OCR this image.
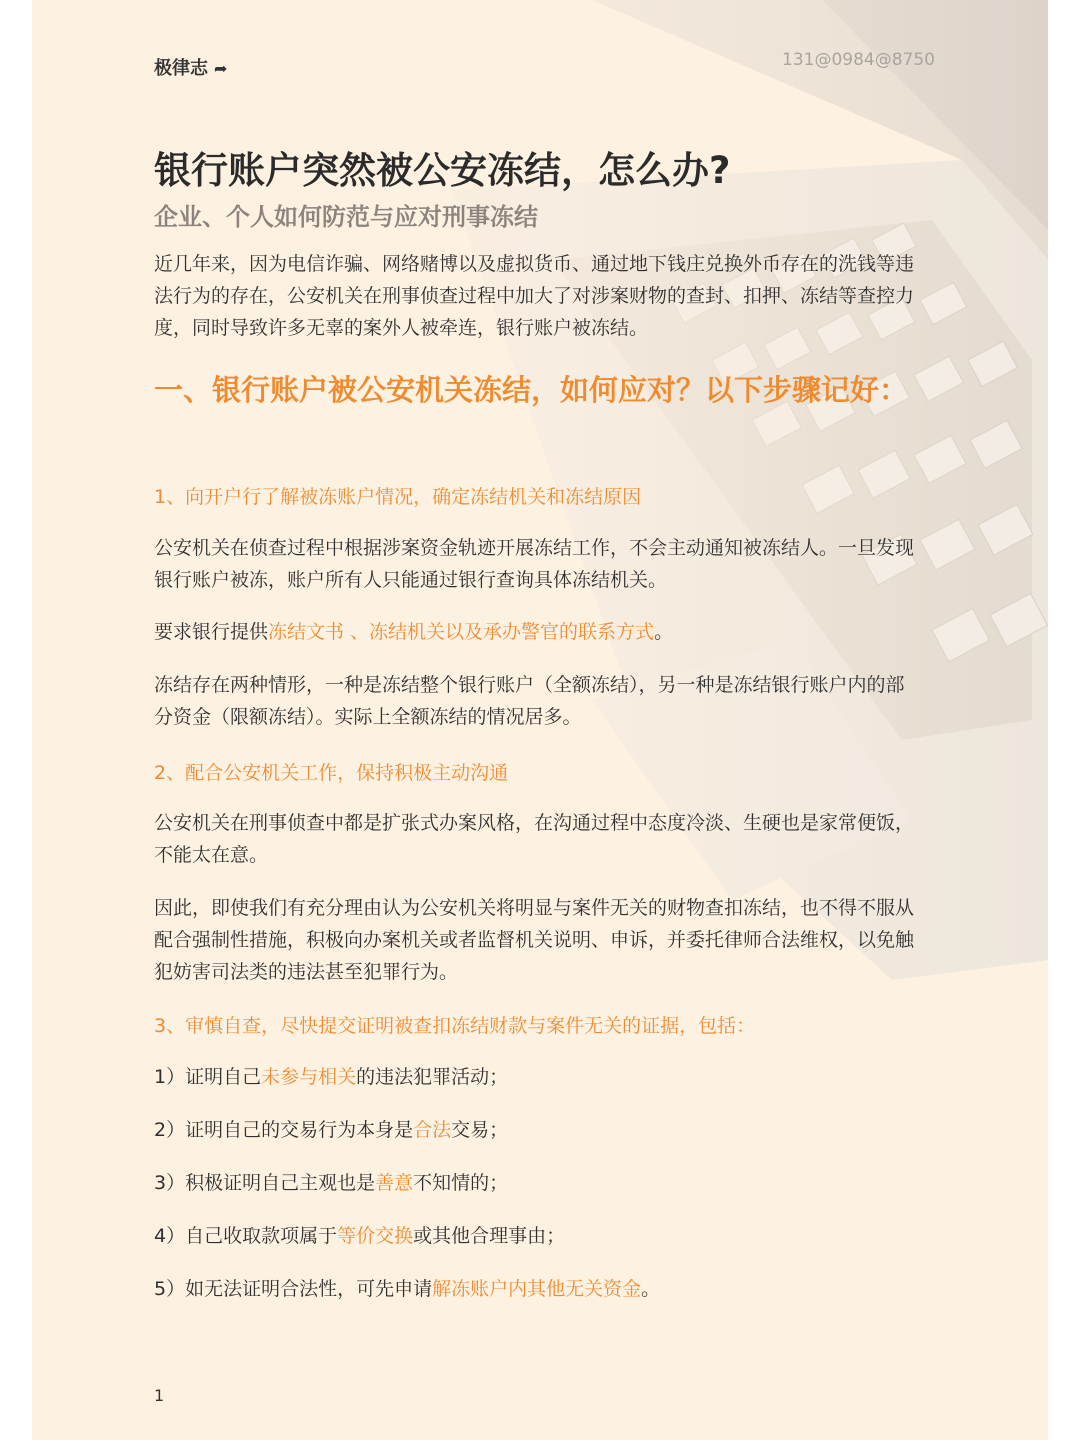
极律志 ➦	131@0984@8750
银行账户突然被公安冻结，怎么办?
企业、个人如何防范与应对刑事冻结
近几年来，因为电信诈骗、网络赌博以及虚拟货币、通过地下钱庄兑换外币存在的洗钱等违法行为的存在，公安机关在刑事侦查过程中加大了对涉案财物的查封、扣押、冻结等查控力度，同时导致许多无辜的案外人被牵连，银行账户被冻结。
一、银行账户被公安机关冻结，如何应对？以下步骤记好：
1、向开户行了解被冻账户情况，确定冻结机关和冻结原因
公安机关在侦查过程中根据涉案资金轨迹开展冻结工作，不会主动通知被冻结人。一旦发现银行账户被冻，账户所有人只能通过银行查询具体冻结机关。
要求银行提供冻结文书 、冻结机关以及承办警官的联系方式。
冻结存在两种情形，一种是冻结整个银行账户（全额冻结），另一种是冻结银行账户内的部分资金（限额冻结）。实际上全额冻结的情况居多。
2、配合公安机关工作，保持积极主动沟通
公安机关在刑事侦查中都是扩张式办案风格，在沟通过程中态度冷淡、生硬也是家常便饭，不能太在意。
因此，即使我们有充分理由认为公安机关将明显与案件无关的财物查扣冻结，也不得不服从配合强制性措施，积极向办案机关或者监督机关说明、申诉，并委托律师合法维权，以免触犯妨害司法类的违法甚至犯罪行为。
3、审慎自查，尽快提交证明被查扣冻结财款与案件无关的证据，包括：
1）证明自己未参与相关的违法犯罪活动；
2）证明自己的交易行为本身是合法交易；
3）积极证明自己主观也是善意不知情的；
4）自己收取款项属于等价交换或其他合理事由；
5）如无法证明合法性，可先申请解冻账户内其他无关资金。
1
